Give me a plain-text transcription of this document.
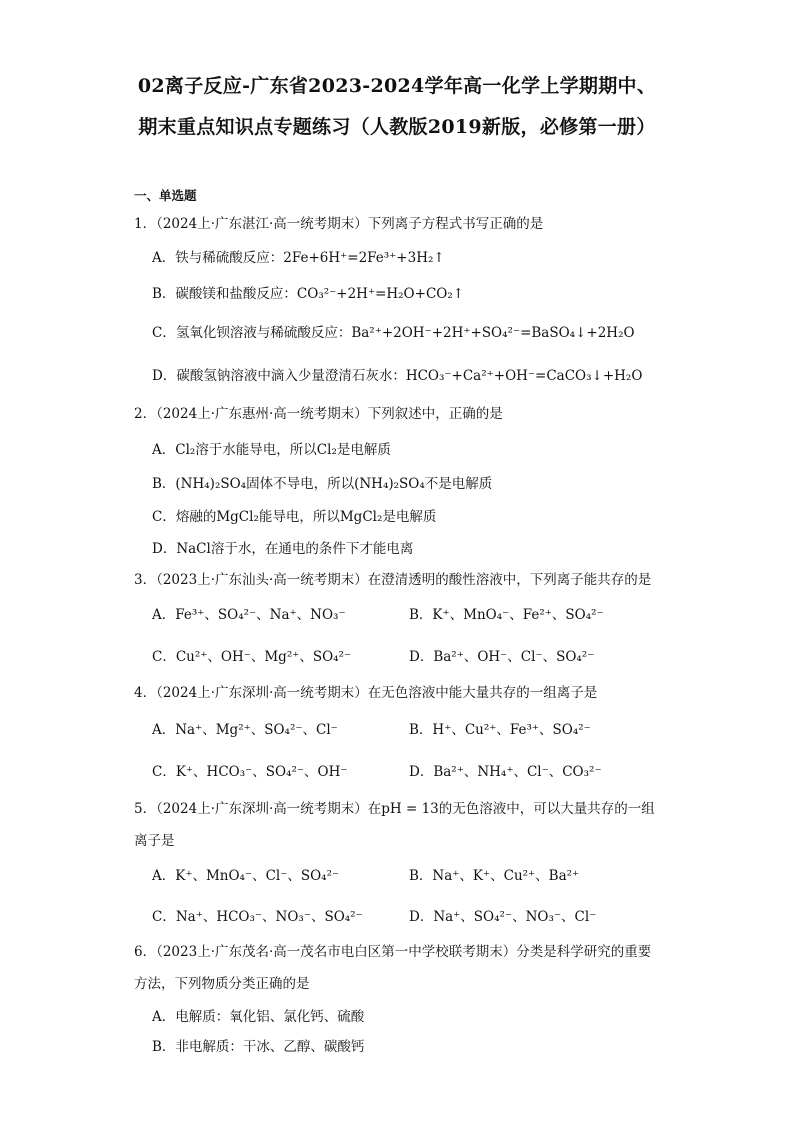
02离子反应-广东省2023-2024学年高一化学上学期期中、
期末重点知识点专题练习（人教版2019新版，必修第一册）
一、单选题
1．（2024上·广东湛江·高一统考期末）下列离子方程式书写正确的是
A．铁与稀硫酸反应：2Fe+6H⁺=2Fe³⁺+3H₂↑
B．碳酸镁和盐酸反应：CO₃²⁻+2H⁺=H₂O+CO₂↑
C．氢氧化钡溶液与稀硫酸反应：Ba²⁺+2OH⁻+2H⁺+SO₄²⁻=BaSO₄↓+2H₂O
D．碳酸氢钠溶液中滴入少量澄清石灰水：HCO₃⁻+Ca²⁺+OH⁻=CaCO₃↓+H₂O
2．（2024上·广东惠州·高一统考期末）下列叙述中，正确的是
A．Cl₂溶于水能导电，所以Cl₂是电解质
B．(NH₄)₂SO₄固体不导电，所以(NH₄)₂SO₄不是电解质
C．熔融的MgCl₂能导电，所以MgCl₂是电解质
D．NaCl溶于水，在通电的条件下才能电离
3．（2023上·广东汕头·高一统考期末）在澄清透明的酸性溶液中，下列离子能共存的是
A．Fe³⁺、SO₄²⁻、Na⁺、NO₃⁻	B．K⁺、MnO₄⁻、Fe²⁺、SO₄²⁻
C．Cu²⁺、OH⁻、Mg²⁺、SO₄²⁻	D．Ba²⁺、OH⁻、Cl⁻、SO₄²⁻
4．（2024上·广东深圳·高一统考期末）在无色溶液中能大量共存的一组离子是
A．Na⁺、Mg²⁺、SO₄²⁻、Cl⁻	B．H⁺、Cu²⁺、Fe³⁺、SO₄²⁻
C．K⁺、HCO₃⁻、SO₄²⁻、OH⁻	D．Ba²⁺、NH₄⁺、Cl⁻、CO₃²⁻
5．（2024上·广东深圳·高一统考期末）在pH = 13的无色溶液中，可以大量共存的一组
离子是
A．K⁺、MnO₄⁻、Cl⁻、SO₄²⁻	B．Na⁺、K⁺、Cu²⁺、Ba²⁺
C．Na⁺、HCO₃⁻、NO₃⁻、SO₄²⁻	D．Na⁺、SO₄²⁻、NO₃⁻、Cl⁻
6．（2023上·广东茂名·高一茂名市电白区第一中学校联考期末）分类是科学研究的重要
方法，下列物质分类正确的是
A．电解质：氧化铝、氯化钙、硫酸
B．非电解质：干冰、乙醇、碳酸钙
